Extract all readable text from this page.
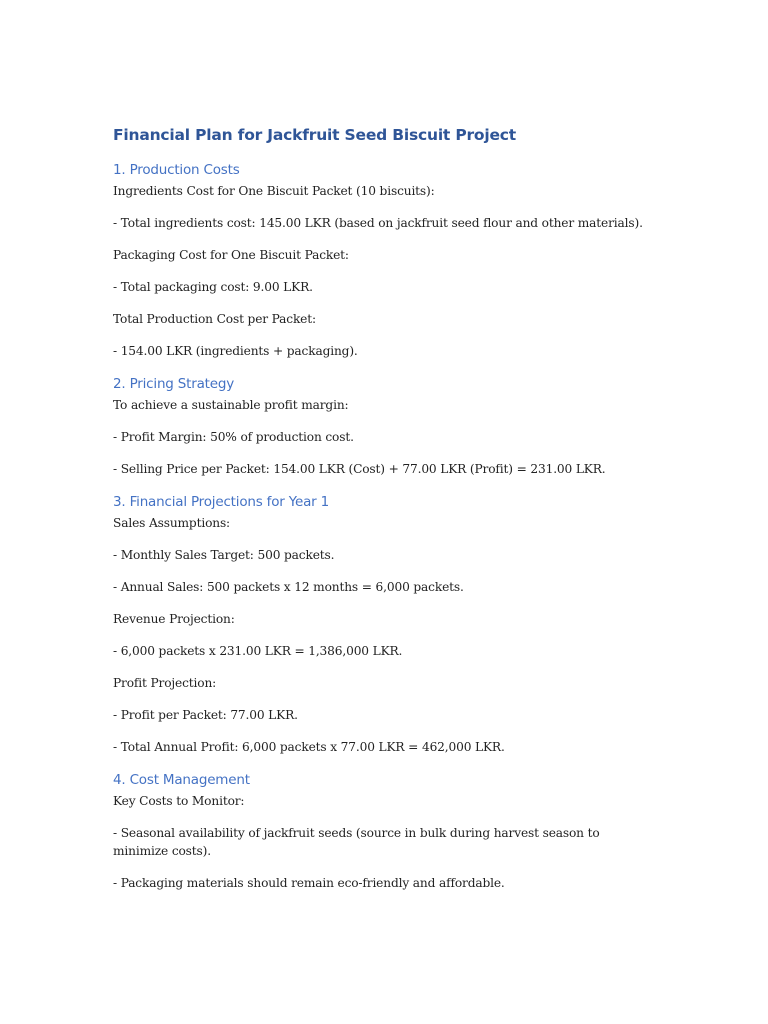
Financial Plan for Jackfruit Seed Biscuit Project
1. Production Costs

Ingredients Cost for One Biscuit Packet (10 biscuits):

- Total ingredients cost: 145.00 LKR (based on jackfruit seed flour and other materials).

Packaging Cost for One Biscuit Packet:

- Total packaging cost: 9.00 LKR.

Total Production Cost per Packet:

- 154.00 LKR (ingredients + packaging).

2. Pricing Strategy

To achieve a sustainable profit margin:

- Profit Margin: 50% of production cost.

- Selling Price per Packet: 154.00 LKR (Cost) + 77.00 LKR (Profit) = 231.00 LKR.

3. Financial Projections for Year 1

Sales Assumptions:

- Monthly Sales Target: 500 packets.

- Annual Sales: 500 packets x 12 months = 6,000 packets.

Revenue Projection:

- 6,000 packets x 231.00 LKR = 1,386,000 LKR.

Profit Projection:

- Profit per Packet: 77.00 LKR.

- Total Annual Profit: 6,000 packets x 77.00 LKR = 462,000 LKR.

4. Cost Management

Key Costs to Monitor:

- Seasonal availability of jackfruit seeds (source in bulk during harvest season to minimize costs).

- Packaging materials should remain eco-friendly and affordable.
